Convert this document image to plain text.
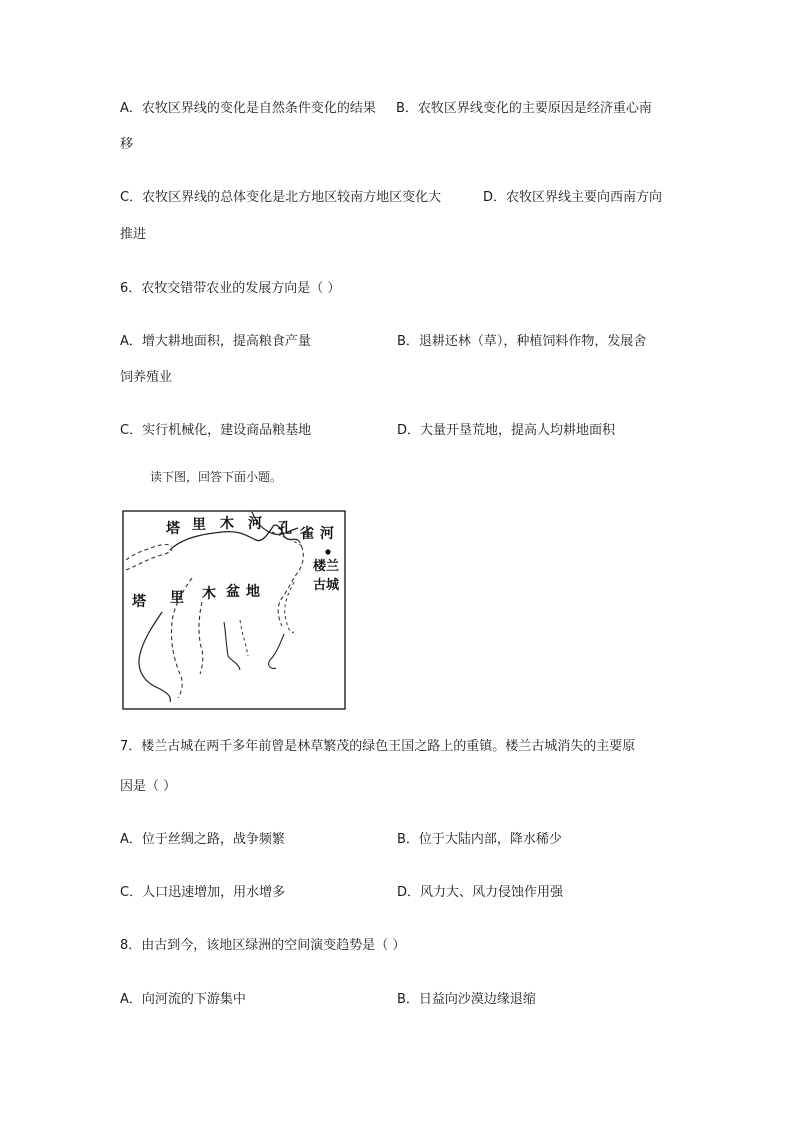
A．农牧区界线的变化是自然条件变化的结果 B．农牧区界线变化的主要原因是经济重心南
移
C．农牧区界线的总体变化是北方地区较南方地区变化大	D．农牧区界线主要向西南方向
推进
6．农牧交错带农业的发展方向是（ ）
A．增大耕地面积，提高粮食产量	B．退耕还林（草），种植饲料作物，发展舍
饲养殖业
C．实行机械化，建设商品粮基地	D．大量开垦荒地，提高人均耕地面积
读下图，回答下面小题。
塔 里 木 河 孔 雀 河
楼兰
古城
塔 里 木 盆 地
7．楼兰古城在两千多年前曾是林草繁茂的绿色王国之路上的重镇。楼兰古城消失的主要原
因是（ ）
A．位于丝绸之路，战争频繁	B．位于大陆内部，降水稀少
C．人口迅速增加，用水增多	D．风力大、风力侵蚀作用强
8．由古到今，该地区绿洲的空间演变趋势是（ ）
A．向河流的下游集中	B．日益向沙漠边缘退缩
